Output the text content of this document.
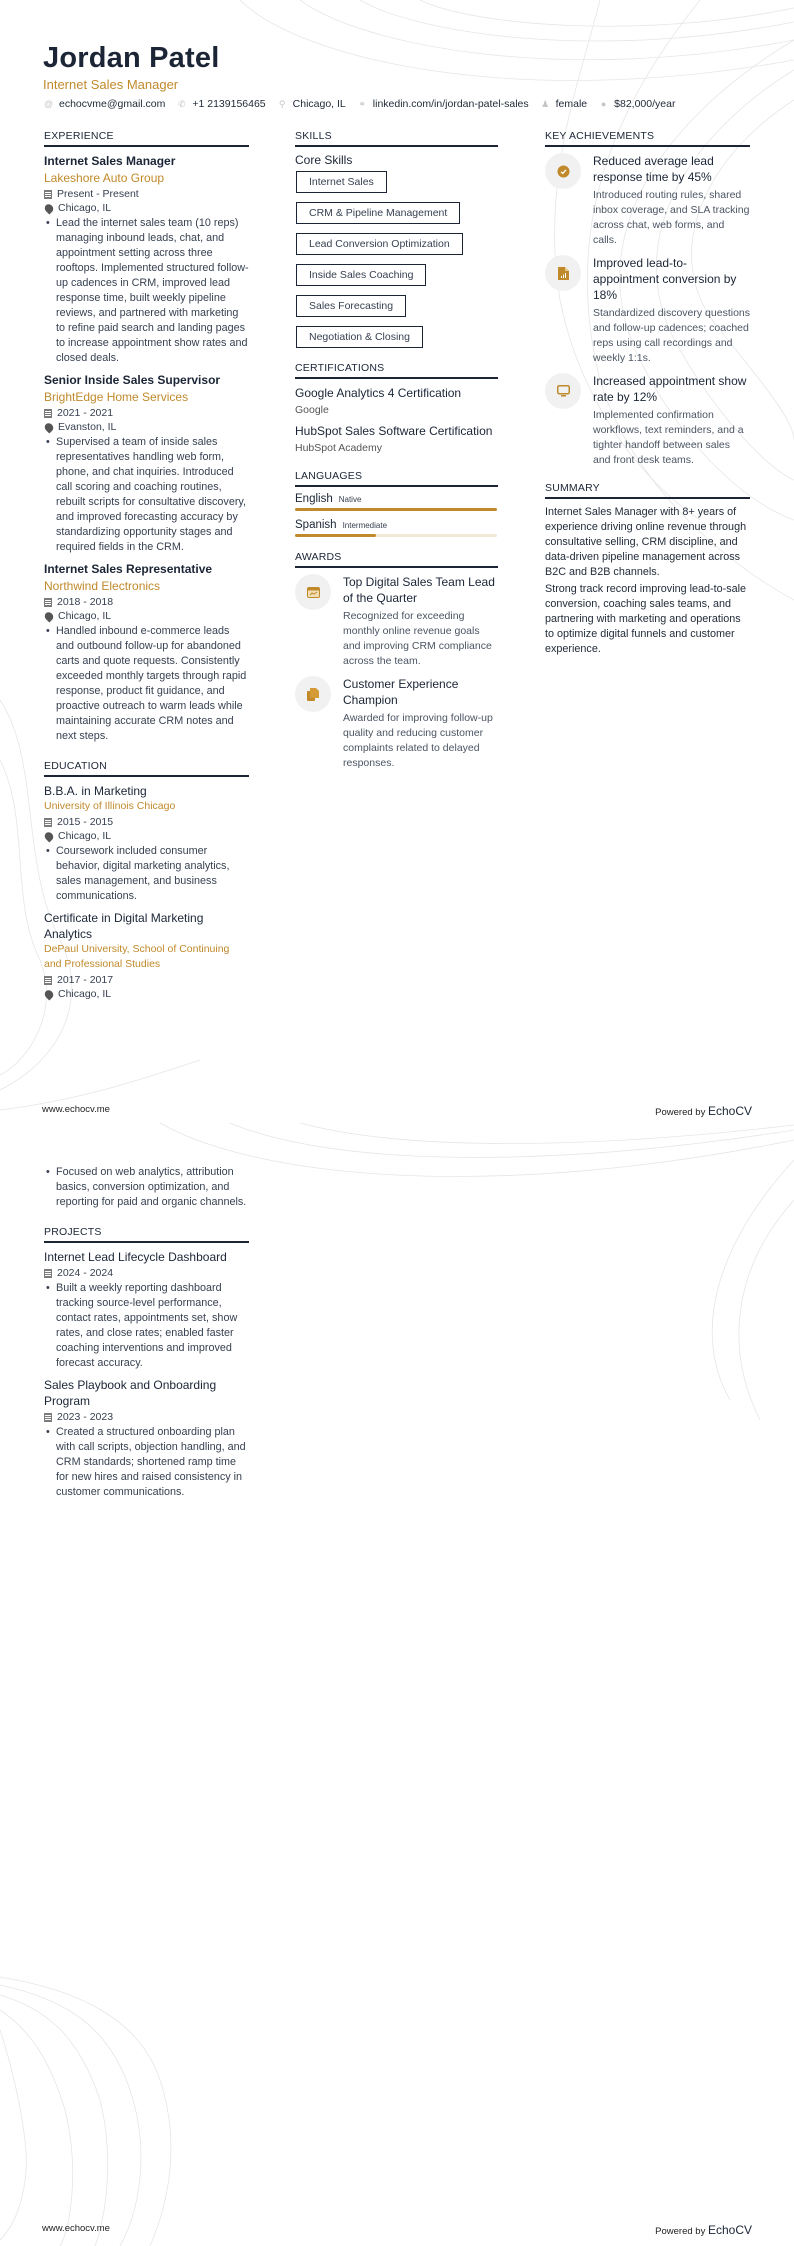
Jordan Patel
Internet Sales Manager
@ echocvme@gmail.com ✆ +1 2139156465 ⚲ Chicago, IL ⚭ linkedin.com/in/jordan-patel-sales ♟ female ● $82,000/year
EXPERIENCE
Internet Sales Manager
Lakeshore Auto Group
Present - Present
Chicago, IL
• Lead the internet sales team (10 reps) managing inbound leads, chat, and appointment setting across three rooftops. Implemented structured follow-up cadences in CRM, improved lead response time, built weekly pipeline reviews, and partnered with marketing to refine paid search and landing pages to increase appointment show rates and closed deals.
Senior Inside Sales Supervisor
BrightEdge Home Services
2021 - 2021
Evanston, IL
• Supervised a team of inside sales representatives handling web form, phone, and chat inquiries. Introduced call scoring and coaching routines, rebuilt scripts for consultative discovery, and improved forecasting accuracy by standardizing opportunity stages and required fields in the CRM.
Internet Sales Representative
Northwind Electronics
2018 - 2018
Chicago, IL
• Handled inbound e-commerce leads and outbound follow-up for abandoned carts and quote requests. Consistently exceeded monthly targets through rapid response, product fit guidance, and proactive outreach to warm leads while maintaining accurate CRM notes and next steps.
EDUCATION
B.B.A. in Marketing
University of Illinois Chicago
2015 - 2015
Chicago, IL
• Coursework included consumer behavior, digital marketing analytics, sales management, and business communications.
Certificate in Digital Marketing Analytics
DePaul University, School of Continuing and Professional Studies
2017 - 2017
Chicago, IL
SKILLS
Core Skills
Internet Sales
CRM & Pipeline Management
Lead Conversion Optimization
Inside Sales Coaching
Sales Forecasting
Negotiation & Closing
CERTIFICATIONS
Google Analytics 4 Certification
Google
HubSpot Sales Software Certification
HubSpot Academy
LANGUAGES
English Native
Spanish Intermediate
AWARDS
Top Digital Sales Team Lead of the Quarter
Recognized for exceeding monthly online revenue goals and improving CRM compliance across the team.
Customer Experience Champion
Awarded for improving follow-up quality and reducing customer complaints related to delayed responses.
KEY ACHIEVEMENTS
Reduced average lead response time by 45%
Introduced routing rules, shared inbox coverage, and SLA tracking across chat, web forms, and calls.
Improved lead-to-appointment conversion by 18%
Standardized discovery questions and follow-up cadences; coached reps using call recordings and weekly 1:1s.
Increased appointment show rate by 12%
Implemented confirmation workflows, text reminders, and a tighter handoff between sales and front desk teams.
SUMMARY

Internet Sales Manager with 8+ years of experience driving online revenue through consultative selling, CRM discipline, and data-driven pipeline management across B2C and B2B channels.

Strong track record improving lead-to-sale conversion, coaching sales teams, and partnering with marketing and operations to optimize digital funnels and customer experience.

www.echocv.me	Powered by EchoCV
• Focused on web analytics, attribution basics, conversion optimization, and reporting for paid and organic channels.
PROJECTS
Internet Lead Lifecycle Dashboard
2024 - 2024
• Built a weekly reporting dashboard tracking source-level performance, contact rates, appointments set, show rates, and close rates; enabled faster coaching interventions and improved forecast accuracy.
Sales Playbook and Onboarding Program
2023 - 2023
• Created a structured onboarding plan with call scripts, objection handling, and CRM standards; shortened ramp time for new hires and raised consistency in customer communications.
www.echocv.me	Powered by EchoCV
